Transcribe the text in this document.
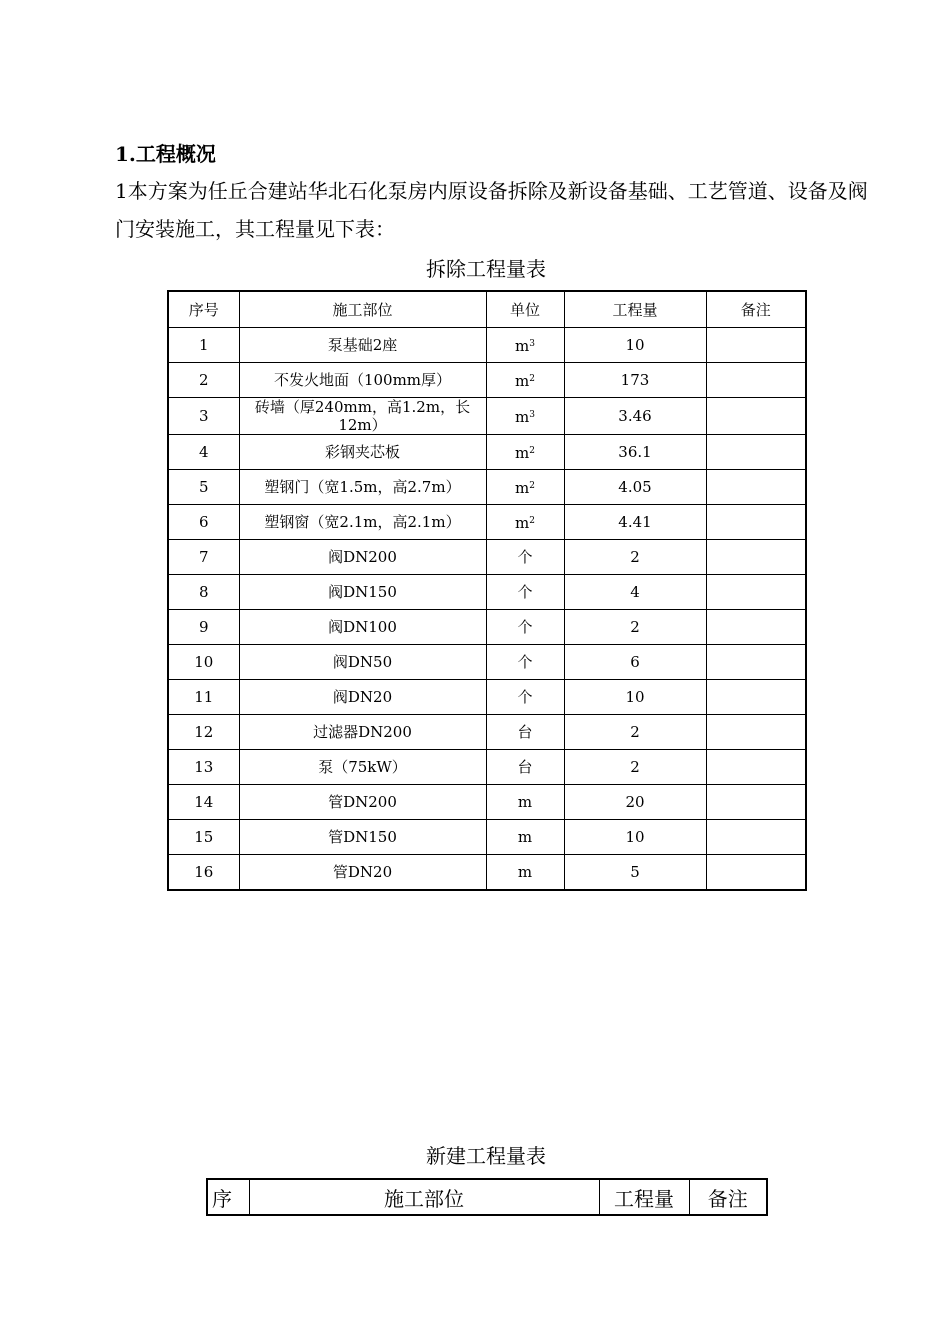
1.工程概况

1本方案为任丘合建站华北石化泵房内原设备拆除及新设备基础、工艺管道、设备及阀门安装施工，其工程量见下表：

拆除工程量表
序号	施工部位	单位	工程量	备注
1	泵基础2座	$m^3$	10	
2	不发火地面（100mm厚）	$m^2$	173	
3	砖墙（厚240mm，高1.2m，长12m）	$m^3$	3.46	
4	彩钢夹芯板	$m^2$	36.1	
5	塑钢门（宽1.5m，高2.7m）	$m^2$	4.05	
6	塑钢窗（宽2.1m，高2.1m）	$m^2$	4.41	
7	阀DN200	个	2	
8	阀DN150	个	4	
9	阀DN100	个	2	
10	阀DN50	个	6	
11	阀DN20	个	10	
12	过滤器DN200	台	2	
13	泵（75kW）	台	2	
14	管DN200	m	20	
15	管DN150	m	10	
16	管DN20	m	5	
新建工程量表
序	施工部位	工程量	备注
